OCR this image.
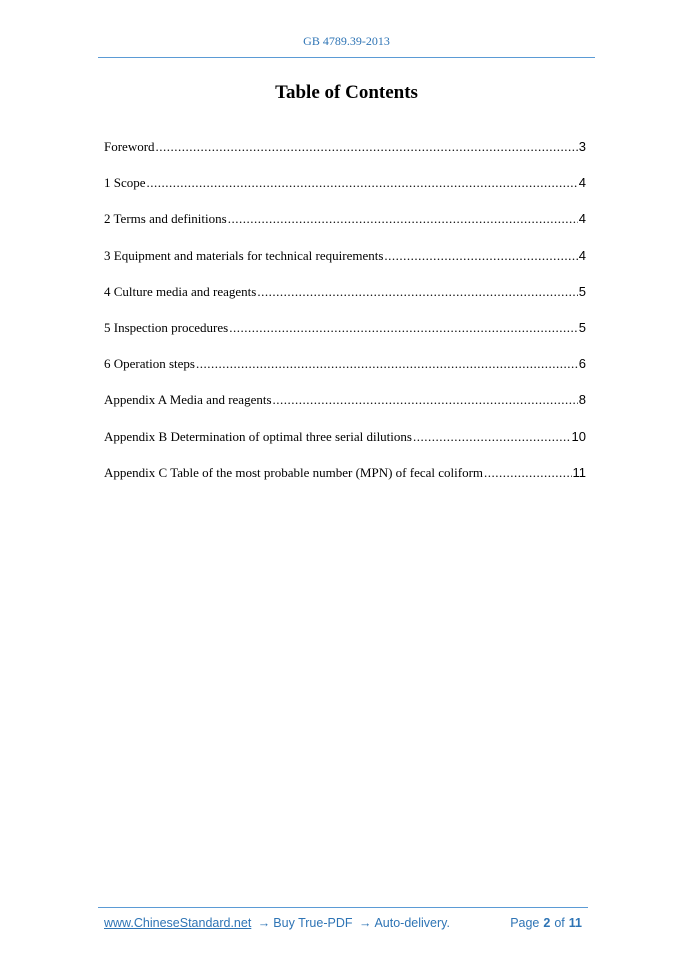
GB 4789.39-2013
Table of Contents
Foreword .....	3
1 Scope .....	4
2 Terms and definitions .....	4
3 Equipment and materials for technical requirements .....	4
4 Culture media and reagents .....	5
5 Inspection procedures .....	5
6 Operation steps .....	6
Appendix A Media and reagents .....	8
Appendix B Determination of optimal three serial dilutions .....	10
Appendix C Table of the most probable number (MPN) of fecal coliform .....	11
www.ChineseStandard.net → Buy True-PDF → Auto-delivery.	Page 2 of 11
